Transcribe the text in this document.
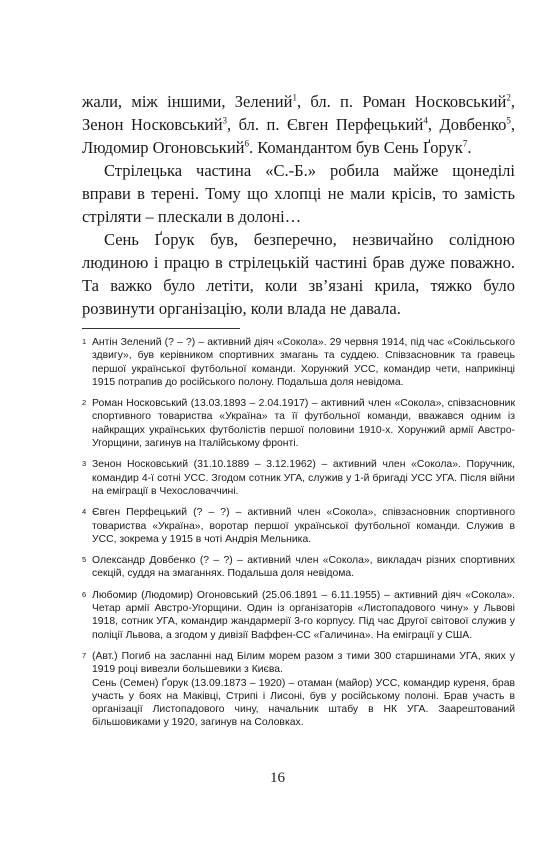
жали, між іншими, Зелений$^1$, бл. п. Роман Носковський$^2$, Зенон Носковський$^3$, бл. п. Євген Перфецький$^4$, Довбенко$^5$, Людомир Огоновський$^6$. Командантом був Сень Ґорук$^7$.

Стрілецька частина «С.-Б.» робила майже щонеділі вправи в терені. Тому що хлопці не мали крісів, то замість стріляти – плескали в долоні…

Сень Ґорук був, безперечно, незвичайно солідною людиною і працю в стрілецькій частині брав дуже поважно. Та важко було летіти, коли зв’язані крила, тяжко було розвинути організацію, коли влада не давала.

1 Антін Зелений (? – ?) – активний діяч «Сокола». 29 червня 1914, під час «Сокільського здвигу», був керівником спортивних змагань та суддею. Співзасновник та гравець першої української футбольної команди. Хорунжий УСС, командир чети, наприкінці 1915 потрапив до російського полону. Подальша доля невідома.

2 Роман Носковський (13.03.1893 – 2.04.1917) – активний член «Сокола», співзасновник спортивного товариства «Україна» та її футбольної команди, вважався одним із найкращих українських футболістів першої половини 1910-х. Хорунжий армії Австро-Угорщини, загинув на Італійському фронті.

3 Зенон Носковський (31.10.1889 – 3.12.1962) – активний член «Сокола». Поручник, командир 4-ї сотні УСС. Згодом сотник УГА, служив у 1-й бригаді УСС УГА. Після війни на еміграції в Чехословаччині.

4 Євген Перфецький (? – ?) – активний член «Сокола», співзасновник спортивного товариства «Україна», воротар першої української футбольної команди. Служив в УСС, зокрема у 1915 в чоті Андрія Мельника.

5 Олександр Довбенко (? – ?) – активний член «Сокола», викладач різних спортивних секцій, суддя на змаганнях. Подальша доля невідома.

6 Любомир (Людомир) Огоновський (25.06.1891 – 6.11.1955) – активний діяч «Сокола». Четар армії Австро-Угорщини. Один із організаторів «Листопадового чину» у Львові 1918, сотник УГА, командир жандармерії 3-го корпусу. Під час Другої світової служив у поліції Львова, а згодом у дивізії Ваффен-СС «Галичина». На еміграції у США.

7 (Авт.) Погиб на засланні над Білим морем разом з тими 300 старшинами УГА, яких у 1919 році вивезли большевики з Києва.

Сень (Семен) Ґорук (13.09.1873 – 1920) – отаман (майор) УСС, командир куреня, брав участь у боях на Маківці, Стрипі і Лисоні, був у російському полоні. Брав участь в організації Листопадового чину, начальник штабу в НК УГА. Заарештований більшовиками у 1920, загинув на Соловках.

16
